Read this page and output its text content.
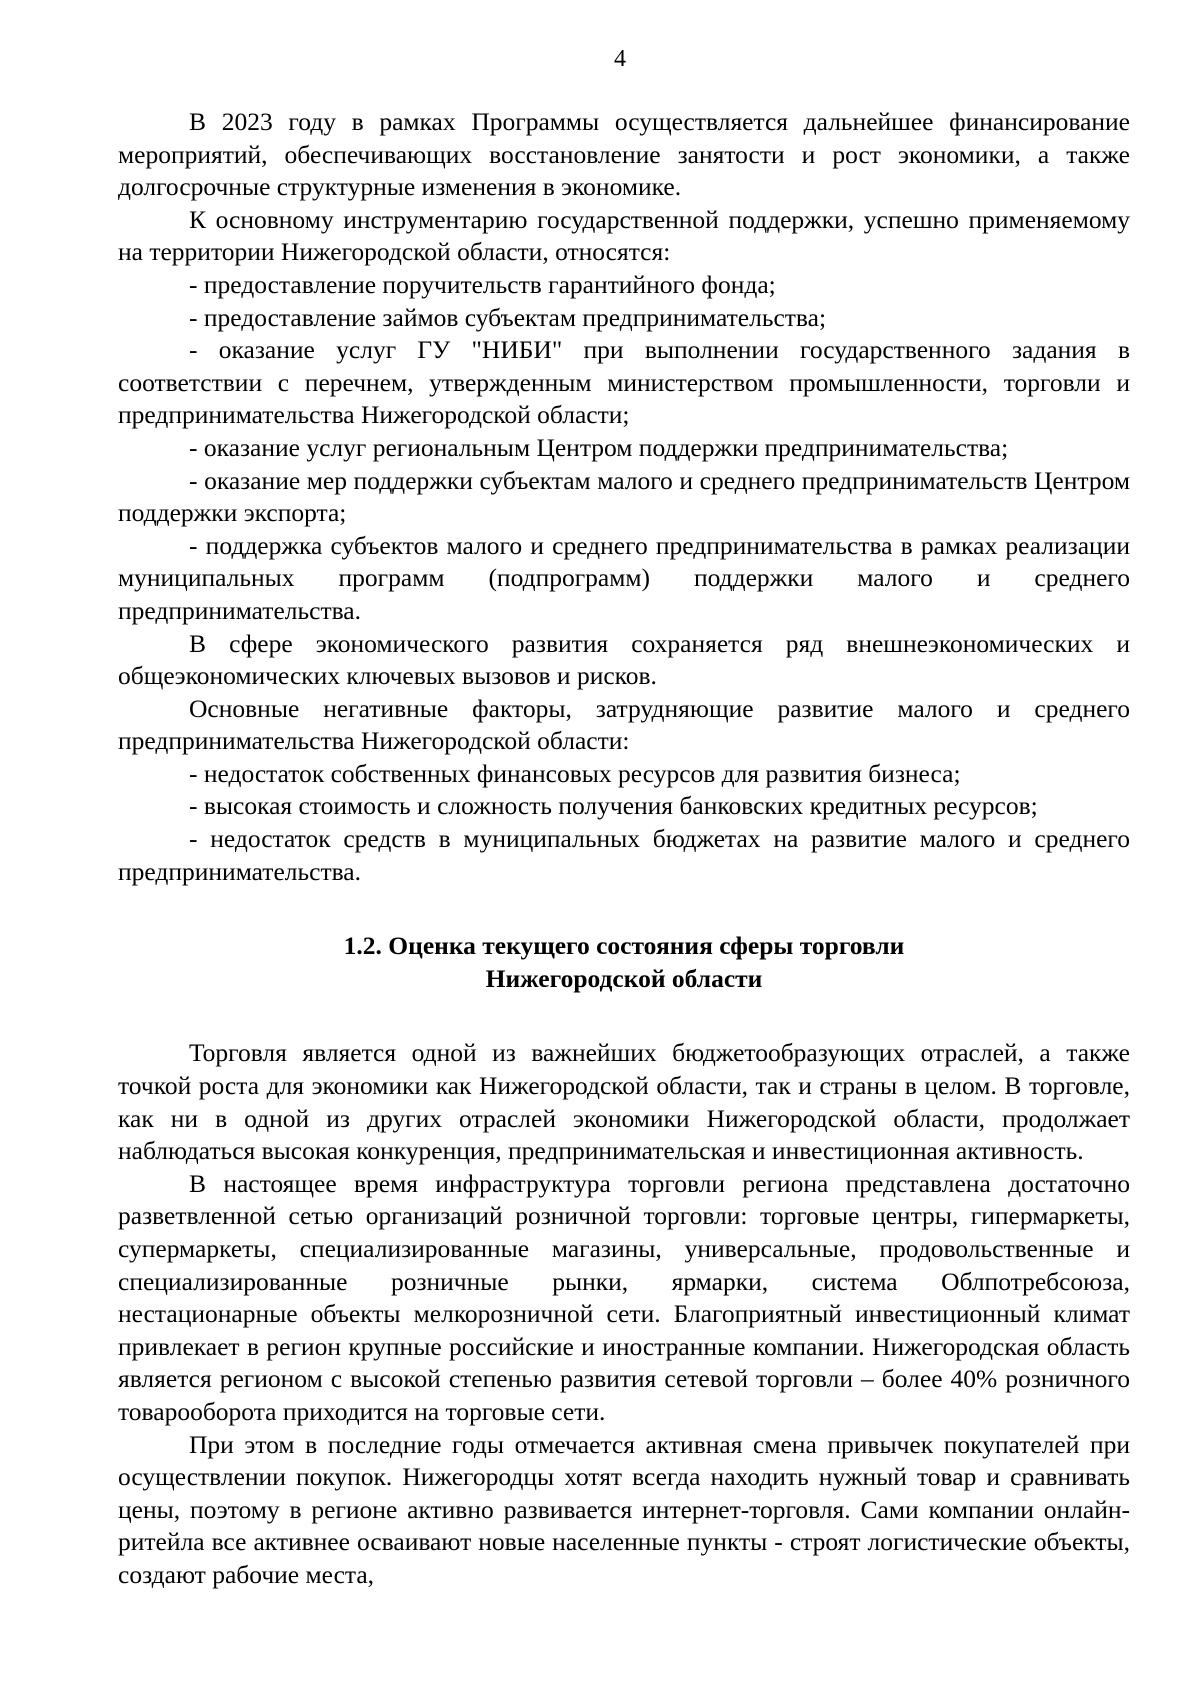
4

В 2023 году в рамках Программы осуществляется дальнейшее финансирование мероприятий, обеспечивающих восстановление занятости и рост экономики, а также долгосрочные структурные изменения в экономике.

К основному инструментарию государственной поддержки, успешно применяемому на территории Нижегородской области, относятся:

- предоставление поручительств гарантийного фонда;

- предоставление займов субъектам предпринимательства;

- оказание услуг ГУ "НИБИ" при выполнении государственного задания в соответствии с перечнем, утвержденным министерством промышленности, торговли и предпринимательства Нижегородской области;

- оказание услуг региональным Центром поддержки предпринимательства;

- оказание мер поддержки субъектам малого и среднего предпринимательств Центром поддержки экспорта;

- поддержка субъектов малого и среднего предпринимательства в рамках реализации муниципальных программ (подпрограмм) поддержки малого и среднего предпринимательства.

В сфере экономического развития сохраняется ряд внешнеэкономических и общеэкономических ключевых вызовов и рисков.

Основные негативные факторы, затрудняющие развитие малого и среднего предпринимательства Нижегородской области:

- недостаток собственных финансовых ресурсов для развития бизнеса;

- высокая стоимость и сложность получения банковских кредитных ресурсов;

- недостаток средств в муниципальных бюджетах на развитие малого и среднего предпринимательства.

1.2. Оценка текущего состояния сферы торговли
Нижегородской области

Торговля является одной из важнейших бюджетообразующих отраслей, а также точкой роста для экономики как Нижегородской области, так и страны в целом. В торговле, как ни в одной из других отраслей экономики Нижегородской области, продолжает наблюдаться высокая конкуренция, предпринимательская и инвестиционная активность.

В настоящее время инфраструктура торговли региона представлена достаточно разветвленной сетью организаций розничной торговли: торговые центры, гипермаркеты, супермаркеты, специализированные магазины, универсальные, продовольственные и специализированные розничные рынки, ярмарки, система Облпотребсоюза, нестационарные объекты мелкорозничной сети. Благоприятный инвестиционный климат привлекает в регион крупные российские и иностранные компании. Нижегородская область является регионом с высокой степенью развития сетевой торговли – более 40% розничного товарооборота приходится на торговые сети.

При этом в последние годы отмечается активная смена привычек покупателей при осуществлении покупок. Нижегородцы хотят всегда находить нужный товар и сравнивать цены, поэтому в регионе активно развивается интернет-торговля. Сами компании онлайн-ритейла все активнее осваивают новые населенные пункты - строят логистические объекты, создают рабочие места,
